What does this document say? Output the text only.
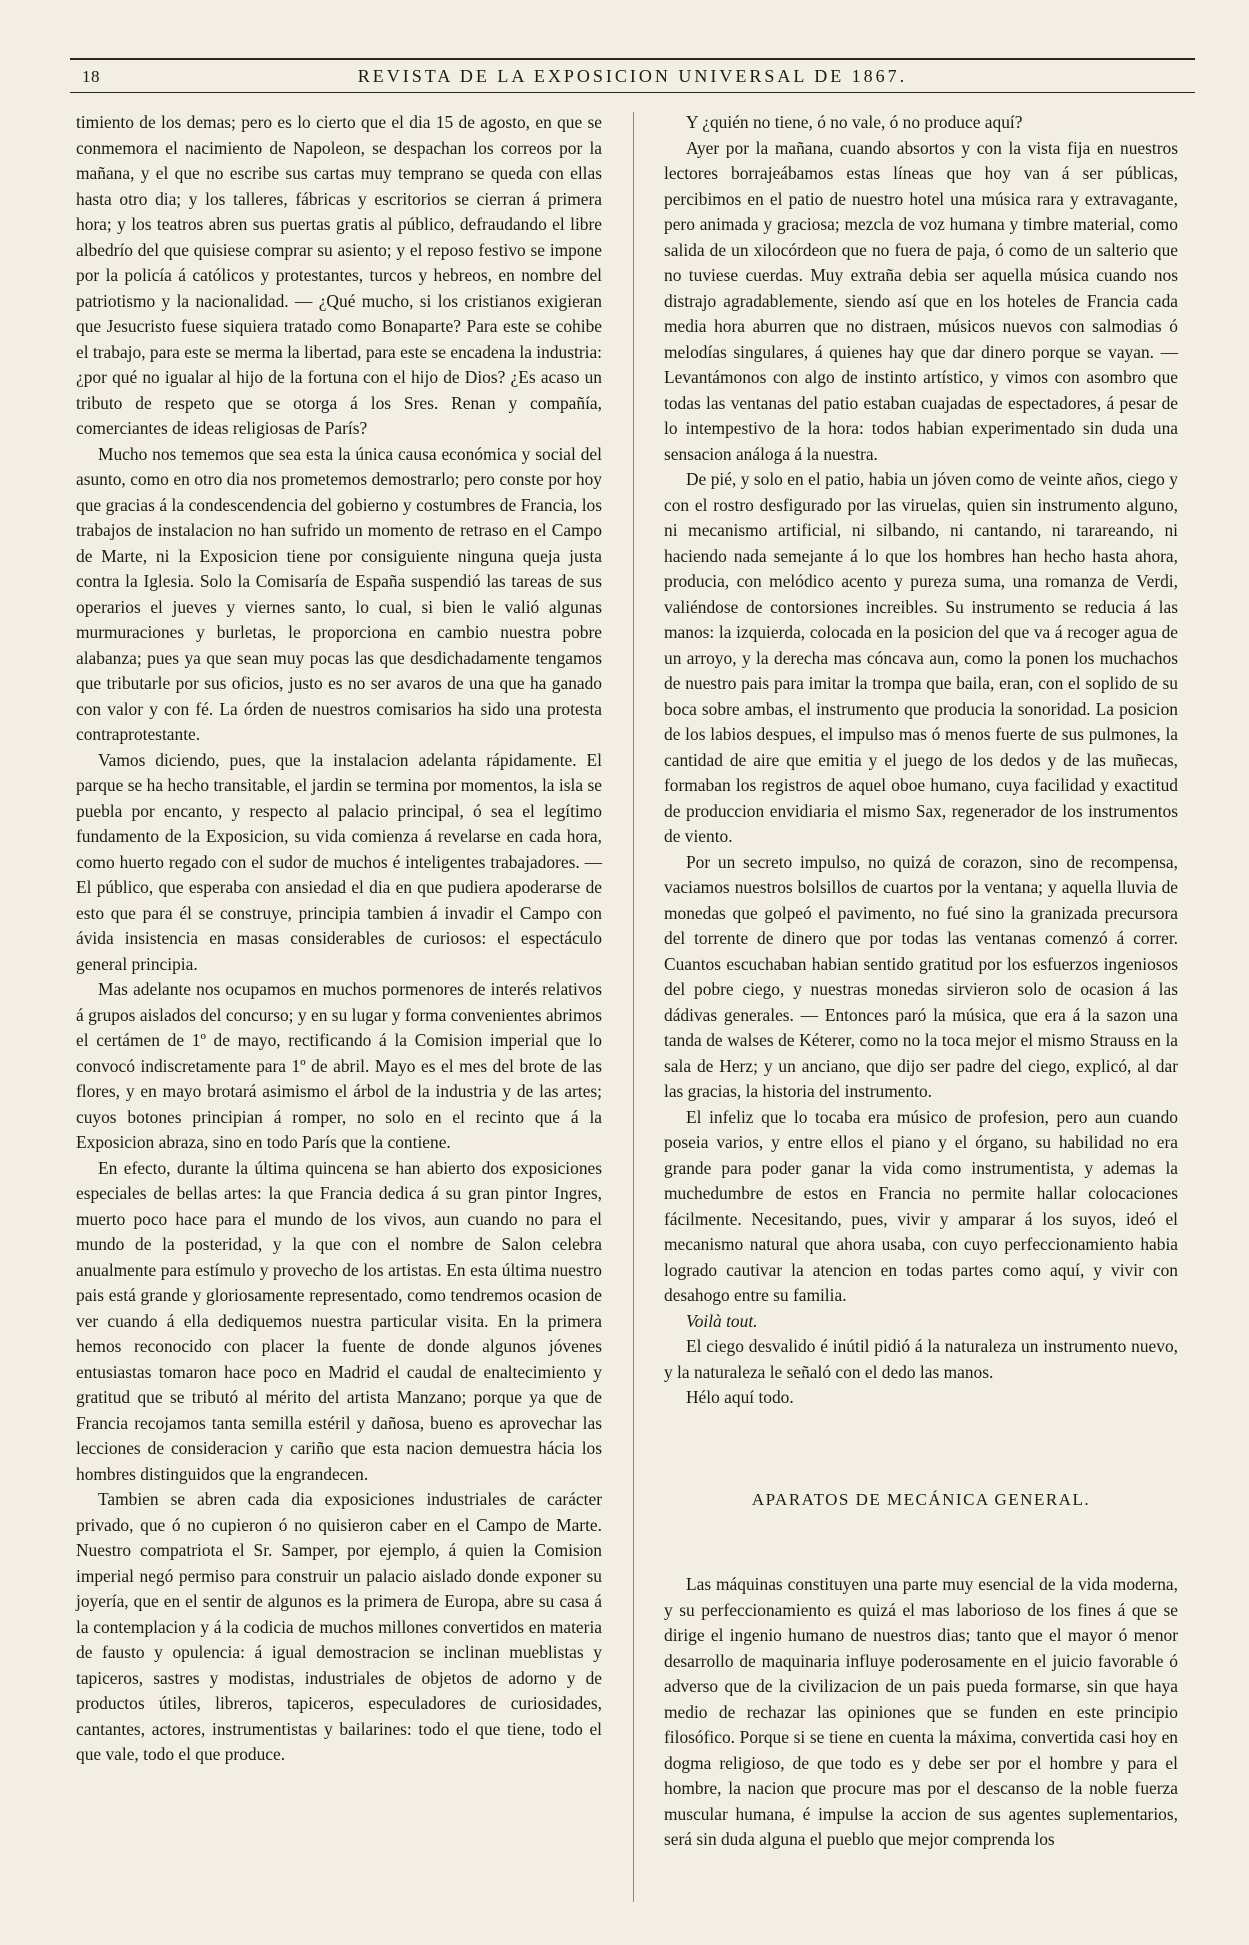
18	REVISTA DE LA EXPOSICION UNIVERSAL DE 1867.

timiento de los demas; pero es lo cierto que el dia 15 de agosto, en que se conmemora el nacimiento de Napoleon, se despachan los correos por la mañana, y el que no escribe sus cartas muy temprano se queda con ellas hasta otro dia; y los talleres, fábricas y escritorios se cierran á primera hora; y los teatros abren sus puertas gratis al público, defraudando el libre albedrío del que quisiese comprar su asiento; y el reposo festivo se impone por la policía á católicos y protestantes, turcos y hebreos, en nombre del patriotismo y la nacionalidad. — ¿Qué mucho, si los cristianos exigieran que Jesucristo fuese siquiera tratado como Bonaparte? Para este se cohibe el trabajo, para este se merma la libertad, para este se encadena la industria: ¿por qué no igualar al hijo de la fortuna con el hijo de Dios? ¿Es acaso un tributo de respeto que se otorga á los Sres. Renan y compañía, comerciantes de ideas religiosas de París?

Mucho nos tememos que sea esta la única causa económica y social del asunto, como en otro dia nos prometemos demostrarlo; pero conste por hoy que gracias á la condescendencia del gobierno y costumbres de Francia, los trabajos de instalacion no han sufrido un momento de retraso en el Campo de Marte, ni la Exposicion tiene por consiguiente ninguna queja justa contra la Iglesia. Solo la Comisaría de España suspendió las tareas de sus operarios el jueves y viernes santo, lo cual, si bien le valió algunas murmuraciones y burletas, le proporciona en cambio nuestra pobre alabanza; pues ya que sean muy pocas las que desdichadamente tengamos que tributarle por sus oficios, justo es no ser avaros de una que ha ganado con valor y con fé. La órden de nuestros comisarios ha sido una protesta contraprotestante.

Vamos diciendo, pues, que la instalacion adelanta rápidamente. El parque se ha hecho transitable, el jardin se termina por momentos, la isla se puebla por encanto, y respecto al palacio principal, ó sea el legítimo fundamento de la Exposicion, su vida comienza á revelarse en cada hora, como huerto regado con el sudor de muchos é inteligentes trabajadores. — El público, que esperaba con ansiedad el dia en que pudiera apoderarse de esto que para él se construye, principia tambien á invadir el Campo con ávida insistencia en masas considerables de curiosos: el espectáculo general principia.

Mas adelante nos ocupamos en muchos pormenores de interés relativos á grupos aislados del concurso; y en su lugar y forma convenientes abrimos el certámen de 1º de mayo, rectificando á la Comision imperial que lo convocó indiscretamente para 1º de abril. Mayo es el mes del brote de las flores, y en mayo brotará asimismo el árbol de la industria y de las artes; cuyos botones principian á romper, no solo en el recinto que á la Exposicion abraza, sino en todo París que la contiene.

En efecto, durante la última quincena se han abierto dos exposiciones especiales de bellas artes: la que Francia dedica á su gran pintor Ingres, muerto poco hace para el mundo de los vivos, aun cuando no para el mundo de la posteridad, y la que con el nombre de Salon celebra anualmente para estímulo y provecho de los artistas. En esta última nuestro pais está grande y gloriosamente representado, como tendremos ocasion de ver cuando á ella dediquemos nuestra particular visita. En la primera hemos reconocido con placer la fuente de donde algunos jóvenes entusiastas tomaron hace poco en Madrid el caudal de enaltecimiento y gratitud que se tributó al mérito del artista Manzano; porque ya que de Francia recojamos tanta semilla estéril y dañosa, bueno es aprovechar las lecciones de consideracion y cariño que esta nacion demuestra hácia los hombres distinguidos que la engrandecen.

Tambien se abren cada dia exposiciones industriales de carácter privado, que ó no cupieron ó no quisieron caber en el Campo de Marte. Nuestro compatriota el Sr. Samper, por ejemplo, á quien la Comision imperial negó permiso para construir un palacio aislado donde exponer su joyería, que en el sentir de algunos es la primera de Europa, abre su casa á la contemplacion y á la codicia de muchos millones convertidos en materia de fausto y opulencia: á igual demostracion se inclinan mueblistas y tapiceros, sastres y modistas, industriales de objetos de adorno y de productos útiles, libreros, tapiceros, especuladores de curiosidades, cantantes, actores, instrumentistas y bailarines: todo el que tiene, todo el que vale, todo el que produce.

Y ¿quién no tiene, ó no vale, ó no produce aquí?

Ayer por la mañana, cuando absortos y con la vista fija en nuestros lectores borrajeábamos estas líneas que hoy van á ser públicas, percibimos en el patio de nuestro hotel una música rara y extravagante, pero animada y graciosa; mezcla de voz humana y timbre material, como salida de un xilocórdeon que no fuera de paja, ó como de un salterio que no tuviese cuerdas. Muy extraña debia ser aquella música cuando nos distrajo agradablemente, siendo así que en los hoteles de Francia cada media hora aburren que no distraen, músicos nuevos con salmodias ó melodías singulares, á quienes hay que dar dinero porque se vayan. — Levantámonos con algo de instinto artístico, y vimos con asombro que todas las ventanas del patio estaban cuajadas de espectadores, á pesar de lo intempestivo de la hora: todos habian experimentado sin duda una sensacion análoga á la nuestra.

De pié, y solo en el patio, habia un jóven como de veinte años, ciego y con el rostro desfigurado por las viruelas, quien sin instrumento alguno, ni mecanismo artificial, ni silbando, ni cantando, ni tarareando, ni haciendo nada semejante á lo que los hombres han hecho hasta ahora, producia, con melódico acento y pureza suma, una romanza de Verdi, valiéndose de contorsiones increibles. Su instrumento se reducia á las manos: la izquierda, colocada en la posicion del que va á recoger agua de un arroyo, y la derecha mas cóncava aun, como la ponen los muchachos de nuestro pais para imitar la trompa que baila, eran, con el soplido de su boca sobre ambas, el instrumento que producia la sonoridad. La posicion de los labios despues, el impulso mas ó menos fuerte de sus pulmones, la cantidad de aire que emitia y el juego de los dedos y de las muñecas, formaban los registros de aquel oboe humano, cuya facilidad y exactitud de produccion envidiaria el mismo Sax, regenerador de los instrumentos de viento.

Por un secreto impulso, no quizá de corazon, sino de recompensa, vaciamos nuestros bolsillos de cuartos por la ventana; y aquella lluvia de monedas que golpeó el pavimento, no fué sino la granizada precursora del torrente de dinero que por todas las ventanas comenzó á correr. Cuantos escuchaban habian sentido gratitud por los esfuerzos ingeniosos del pobre ciego, y nuestras monedas sirvieron solo de ocasion á las dádivas generales. — Entonces paró la música, que era á la sazon una tanda de walses de Kéterer, como no la toca mejor el mismo Strauss en la sala de Herz; y un anciano, que dijo ser padre del ciego, explicó, al dar las gracias, la historia del instrumento.

El infeliz que lo tocaba era músico de profesion, pero aun cuando poseia varios, y entre ellos el piano y el órgano, su habilidad no era grande para poder ganar la vida como instrumentista, y ademas la muchedumbre de estos en Francia no permite hallar colocaciones fácilmente. Necesitando, pues, vivir y amparar á los suyos, ideó el mecanismo natural que ahora usaba, con cuyo perfeccionamiento habia logrado cautivar la atencion en todas partes como aquí, y vivir con desahogo entre su familia.

Voilà tout.

El ciego desvalido é inútil pidió á la naturaleza un instrumento nuevo, y la naturaleza le señaló con el dedo las manos.

Hélo aquí todo.

APARATOS DE MECÁNICA GENERAL.

Las máquinas constituyen una parte muy esencial de la vida moderna, y su perfeccionamiento es quizá el mas laborioso de los fines á que se dirige el ingenio humano de nuestros dias; tanto que el mayor ó menor desarrollo de maquinaria influye poderosamente en el juicio favorable ó adverso que de la civilizacion de un pais pueda formarse, sin que haya medio de rechazar las opiniones que se funden en este principio filosófico. Porque si se tiene en cuenta la máxima, convertida casi hoy en dogma religioso, de que todo es y debe ser por el hombre y para el hombre, la nacion que procure mas por el descanso de la noble fuerza muscular humana, é impulse la accion de sus agentes suplementarios, será sin duda alguna el pueblo que mejor comprenda los
